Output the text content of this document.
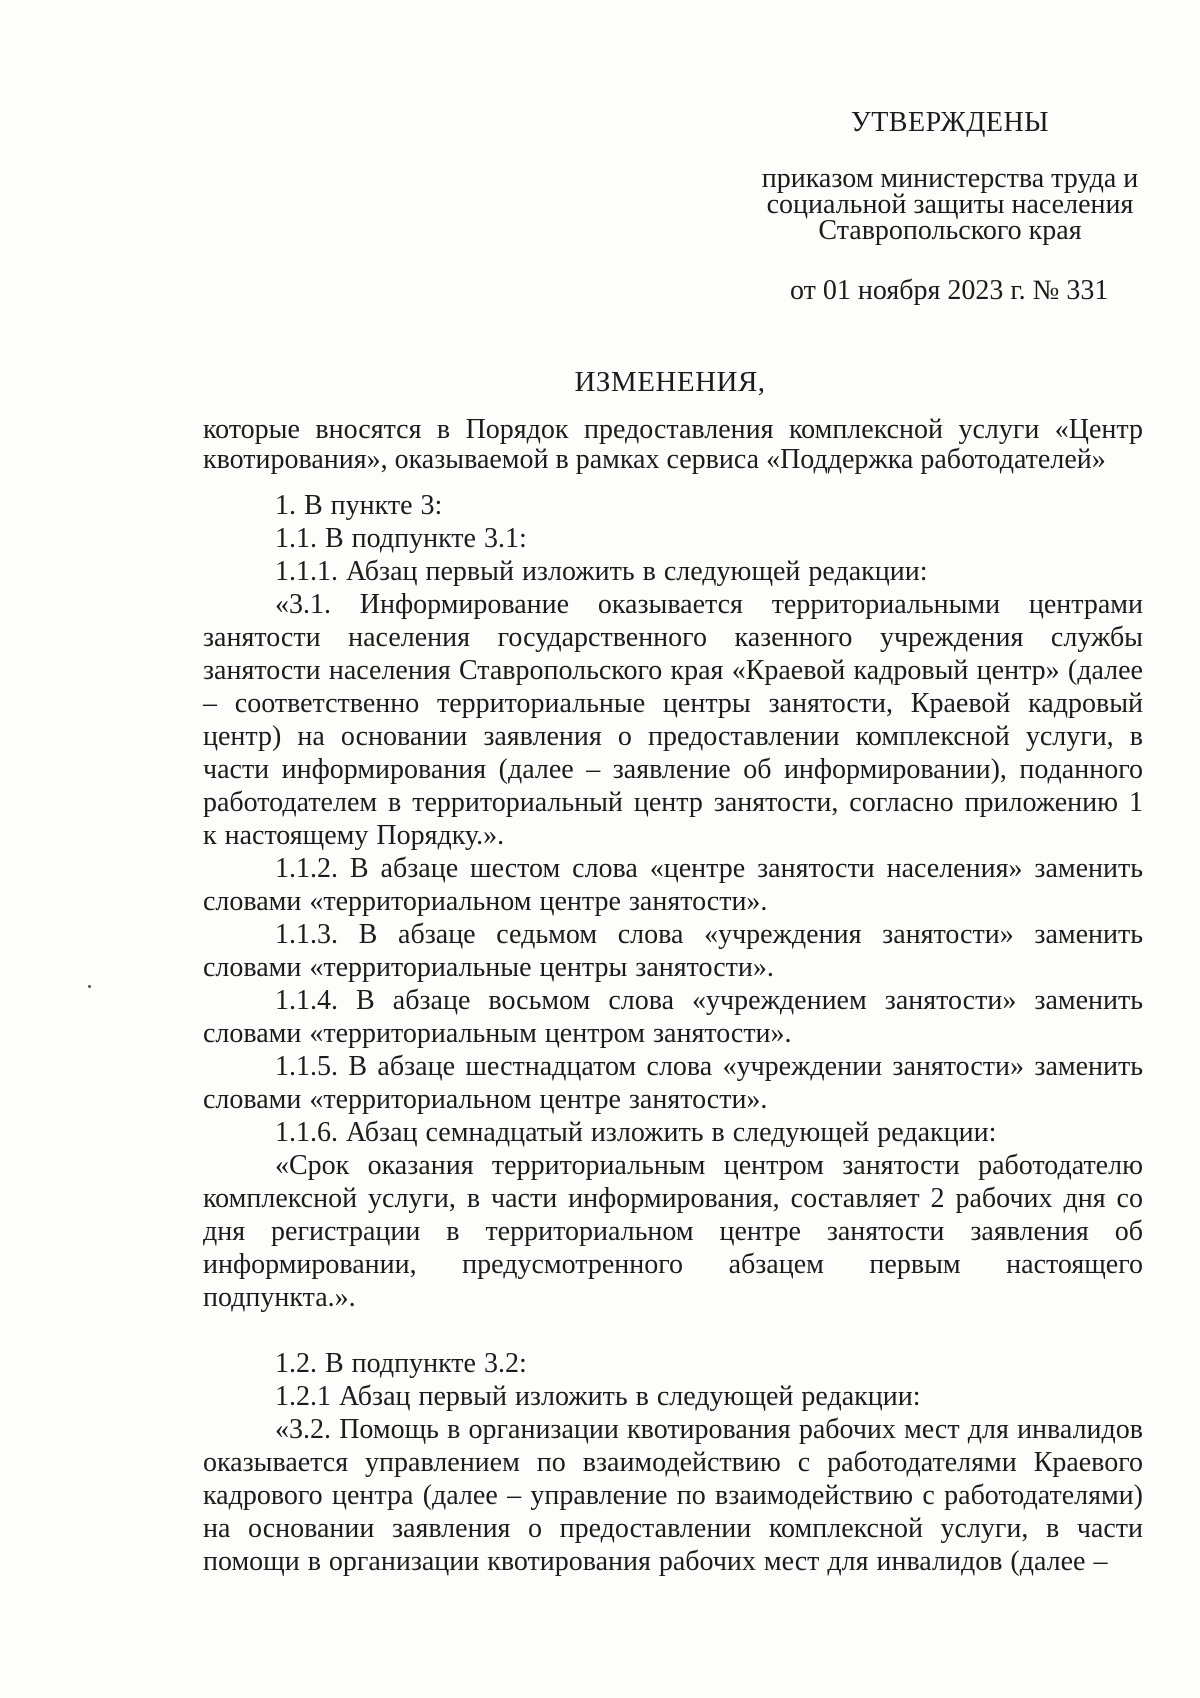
УТВЕРЖДЕНЫ
приказом министерства труда и
социальной защиты населения
Ставропольского края
от 01 ноября 2023 г. № 331
ИЗМЕНЕНИЯ,
которые вносятся в Порядок предоставления комплексной услуги «Центр квотирования», оказываемой в рамках сервиса «Поддержка работодателей»

1. В пункте 3:

1.1. В подпункте 3.1:

1.1.1. Абзац первый изложить в следующей редакции:

«3.1. Информирование оказывается территориальными центрами занятости населения государственного казенного учреждения службы занятости населения Ставропольского края «Краевой кадровый центр» (далее – соответственно территориальные центры занятости, Краевой кадровый центр) на основании заявления о предоставлении комплексной услуги, в части информирования (далее – заявление об информировании), поданного работодателем в территориальный центр занятости, согласно приложению 1 к настоящему Порядку.».

1.1.2. В абзаце шестом слова «центре занятости населения» заменить словами «территориальном центре занятости».

1.1.3. В абзаце седьмом слова «учреждения занятости» заменить словами «территориальные центры занятости».

1.1.4. В абзаце восьмом слова «учреждением занятости» заменить словами «территориальным центром занятости».

1.1.5. В абзаце шестнадцатом слова «учреждении занятости» заменить словами «территориальном центре занятости».

1.1.6. Абзац семнадцатый изложить в следующей редакции:

«Срок оказания территориальным центром занятости работодателю комплексной услуги, в части информирования, составляет 2 рабочих дня со дня регистрации в территориальном центре занятости заявления об информировании, предусмотренного абзацем первым настоящего подпункта.».

1.2. В подпункте 3.2:

1.2.1 Абзац первый изложить в следующей редакции:

«3.2. Помощь в организации квотирования рабочих мест для инвалидов оказывается управлением по взаимодействию с работодателями Краевого кадрового центра (далее – управление по взаимодействию с работодателями) на основании заявления о предоставлении комплексной услуги, в части помощи в организации квотирования рабочих мест для инвалидов (далее –
